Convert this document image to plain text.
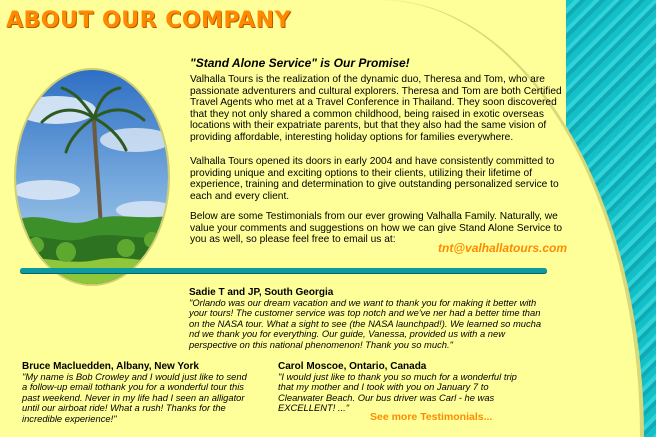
ABOUT OUR COMPANY

"Stand Alone Service" is Our Promise!

Valhalla Tours is the realization of the dynamic duo, Theresa and Tom, who are passionate adventurers and cultural explorers. Theresa and Tom are both Certified Travel Agents who met at a Travel Conference in Thailand. They soon discovered that they not only shared a common childhood, being raised in exotic overseas locations with their expatriate parents, but that they also had the same vision of providing affordable, interesting holiday options for families everywhere.

Valhalla Tours opened its doors in early 2004 and have consistently committed to providing unique and exciting options to their clients, utilizing their lifetime of experience, training and determination to give outstanding personalized service to each and every client.

Below are some Testimonials from our ever growing Valhalla Family. Naturally, we value your comments and suggestions on how we can give Stand Alone Service to you as well, so please feel free to email us at:

tnt@valhallatours.com

Sadie T and JP, South Georgia

"Orlando was our dream vacation and we want to thank you for making it better with your tours! The customer service was top notch and we've ner had a better time than on the NASA tour. What a sight to see (the NASA launchpad!). We learned so mucha nd we thank you for everything. Our guide, Vanessa, provided us with a new perspective on this national phenomenon! Thank you so much."

Bruce Macluedden, Albany, New York

"My name is Bob Crowley and I would just like to send a follow-up email tothank you for a wonderful tour this past weekend. Never in my life had I seen an alligator until our airboat ride! What a rush! Thanks for the incredible experience!"

Carol Moscoe, Ontario, Canada

"I would just like to thank you so much for a wonderful trip that my mother and I took with you on January 7 to Clearwater Beach. Our bus driver was Carl - he was EXCELLENT! ..."

See more Testimonials...
